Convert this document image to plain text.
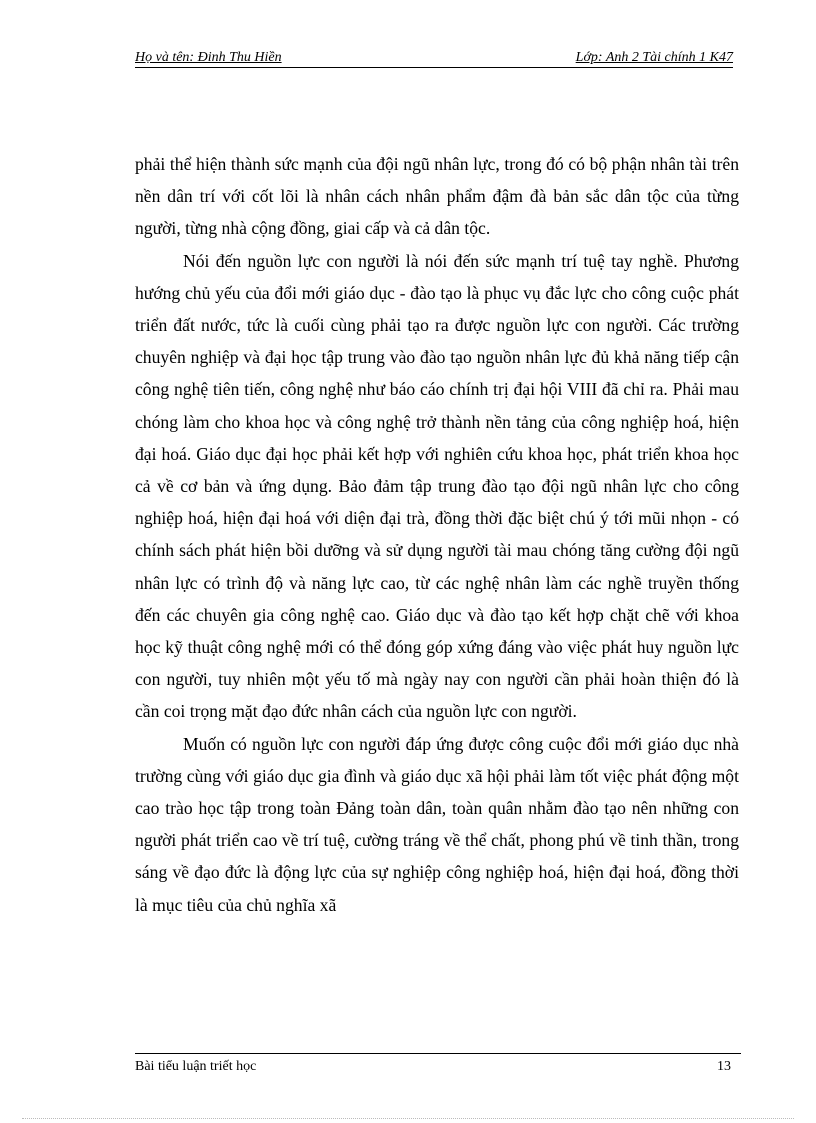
Họ và tên: Đinh Thu Hiền	Lớp: Anh 2 Tài chính 1 K47

phải thể hiện thành sức mạnh của đội ngũ nhân lực, trong đó có bộ phận nhân tài trên nền dân trí với cốt lõi là nhân cách nhân phẩm đậm đà bản sắc dân tộc của từng người, từng nhà cộng đồng, giai cấp và cả dân tộc.

Nói đến nguồn lực con người là nói đến sức mạnh trí tuệ tay nghề. Phương hướng chủ yếu của đổi mới giáo dục - đào tạo là phục vụ đắc lực cho công cuộc phát triển đất nước, tức là cuối cùng phải tạo ra được nguồn lực con người. Các trường chuyên nghiệp và đại học tập trung vào đào tạo nguồn nhân lực đủ khả năng tiếp cận công nghệ tiên tiến, công nghệ như báo cáo chính trị đại hội VIII đã chỉ ra. Phải mau chóng làm cho khoa học và công nghệ trở thành nền tảng của công nghiệp hoá, hiện đại hoá. Giáo dục đại học phải kết hợp với nghiên cứu khoa học, phát triển khoa học cả về cơ bản và ứng dụng. Bảo đảm tập trung đào tạo đội ngũ nhân lực cho công nghiệp hoá, hiện đại hoá với diện đại trà, đồng thời đặc biệt chú ý tới mũi nhọn - có chính sách phát hiện bồi dưỡng và sử dụng người tài mau chóng tăng cường đội ngũ nhân lực có trình độ và năng lực cao, từ các nghệ nhân làm các nghề truyền thống đến các chuyên gia công nghệ cao. Giáo dục và đào tạo kết hợp chặt chẽ với khoa học kỹ thuật công nghệ mới có thể đóng góp xứng đáng vào việc phát huy nguồn lực con người, tuy nhiên một yếu tố mà ngày nay con người cần phải hoàn thiện đó là cần coi trọng mặt đạo đức nhân cách của nguồn lực con người.

Muốn có nguồn lực con người đáp ứng được công cuộc đổi mới giáo dục nhà trường cùng với giáo dục gia đình và giáo dục xã hội phải làm tốt việc phát động một cao trào học tập trong toàn Đảng toàn dân, toàn quân nhằm đào tạo nên những con người phát triển cao về trí tuệ, cường tráng về thể chất, phong phú về tinh thần, trong sáng về đạo đức là động lực của sự nghiệp công nghiệp hoá, hiện đại hoá, đồng thời là mục tiêu của chủ nghĩa xã

Bài tiểu luận triết học	13
